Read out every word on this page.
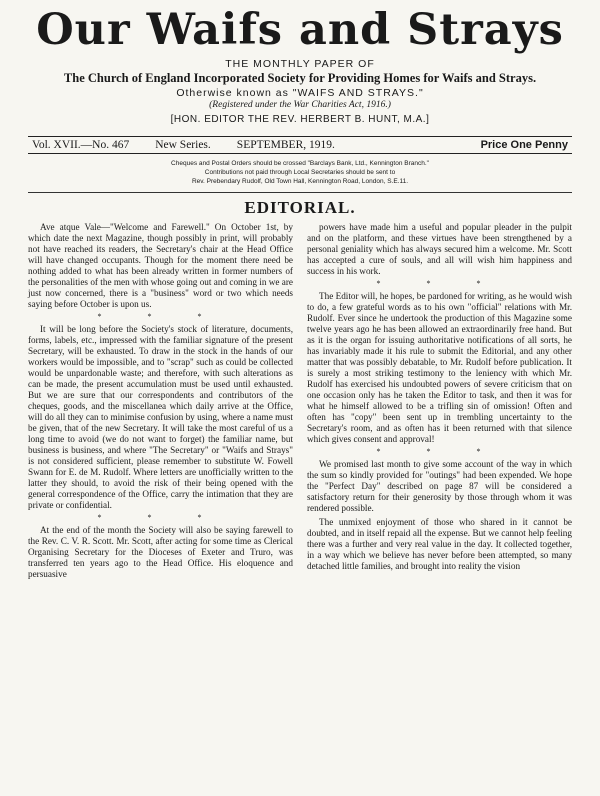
Our Waifs and Strays
THE MONTHLY PAPER OF
The Church of England Incorporated Society for Providing Homes for Waifs and Strays.
Otherwise known as "WAIFS AND STRAYS."
(Registered under the War Charities Act, 1916.)
[HON. EDITOR THE REV. HERBERT B. HUNT, M.A.]
Vol. XVII.—No. 467 New Series. SEPTEMBER, 1919.	Price One Penny
Cheques and Postal Orders should be crossed "Barclays Bank, Ltd., Kennington Branch."
Contributions not paid through Local Secretaries should be sent to
Rev. Prebendary Rudolf, Old Town Hall, Kennington Road, London, S.E.11.
EDITORIAL.

Ave atque Vale—"Welcome and Farewell." On October 1st, by which date the next Magazine, though possibly in print, will probably not have reached its readers, the Secretary's chair at the Head Office will have changed occupants. Though for the moment there need be nothing added to what has been already written in former numbers of the personalities of the men with whose going out and coming in we are just now concerned, there is a "business" word or two which needs saying before October is upon us.

* * *

It will be long before the Society's stock of literature, documents, forms, labels, etc., impressed with the familiar signature of the present Secretary, will be exhausted. To draw in the stock in the hands of our workers would be impossible, and to "scrap" such as could be collected would be unpardonable waste; and therefore, with such alterations as can be made, the present accumulation must be used until exhausted. But we are sure that our correspondents and contributors of the cheques, goods, and the miscellanea which daily arrive at the Office, will do all they can to minimise confusion by using, where a name must be given, that of the new Secretary. It will take the most careful of us a long time to avoid (we do not want to forget) the familiar name, but business is business, and where "The Secretary" or "Waifs and Strays" is not considered sufficient, please remember to substitute W. Fowell Swann for E. de M. Rudolf. Where letters are unofficially written to the latter they should, to avoid the risk of their being opened with the general correspondence of the Office, carry the intimation that they are private or confidential.

* * *

At the end of the month the Society will also be saying farewell to the Rev. C. V. R. Scott. Mr. Scott, after acting for some time as Clerical Organising Secretary for the Dioceses of Exeter and Truro, was transferred ten years ago to the Head Office. His eloquence and persuasive

powers have made him a useful and popular pleader in the pulpit and on the platform, and these virtues have been strengthened by a personal geniality which has always secured him a welcome. Mr. Scott has accepted a cure of souls, and all will wish him happiness and success in his work.

* * *

The Editor will, he hopes, be pardoned for writing, as he would wish to do, a few grateful words as to his own "official" relations with Mr. Rudolf. Ever since he undertook the production of this Magazine some twelve years ago he has been allowed an extraordinarily free hand. But as it is the organ for issuing authoritative notifications of all sorts, he has invariably made it his rule to submit the Editorial, and any other matter that was possibly debatable, to Mr. Rudolf before publication. It is surely a most striking testimony to the leniency with which Mr. Rudolf has exercised his undoubted powers of severe criticism that on one occasion only has he taken the Editor to task, and then it was for what he himself allowed to be a trifling sin of omission! Often and often has "copy" been sent up in trembling uncertainty to the Secretary's room, and as often has it been returned with that silence which gives consent and approval!

* * *

We promised last month to give some account of the way in which the sum so kindly provided for "outings" had been expended. We hope the "Perfect Day" described on page 87 will be considered a satisfactory return for their generosity by those through whom it was rendered possible.

The unmixed enjoyment of those who shared in it cannot be doubted, and in itself repaid all the expense. But we cannot help feeling there was a further and very real value in the day. It collected together, in a way which we believe has never before been attempted, so many detached little families, and brought into reality the vision
